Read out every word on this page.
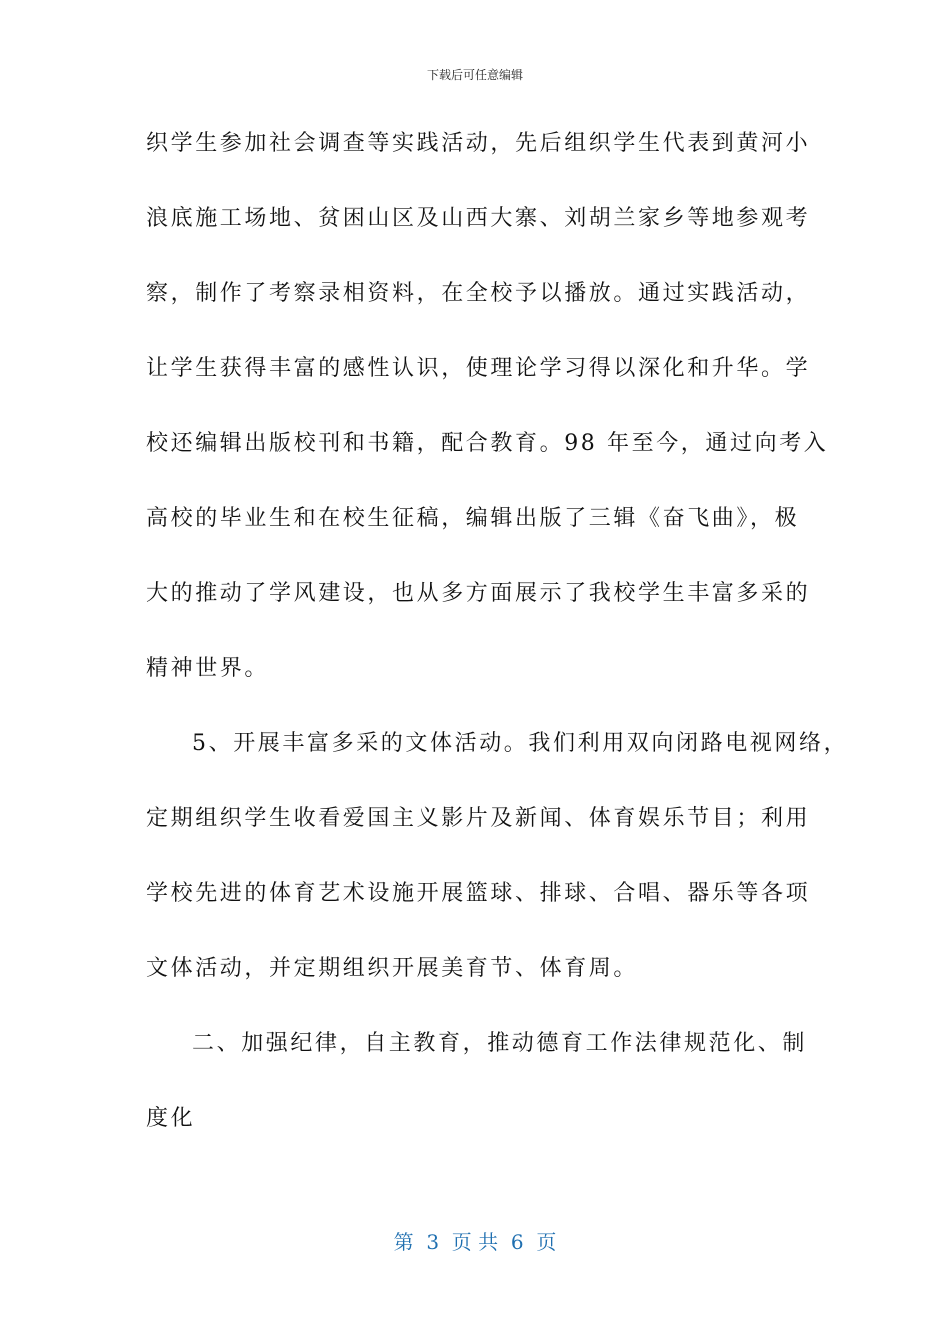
下载后可任意编辑
织学生参加社会调查等实践活动，先后组织学生代表到黄河小
浪底施工场地、贫困山区及山西大寨、刘胡兰家乡等地参观考
察，制作了考察录相资料，在全校予以播放。通过实践活动，
让学生获得丰富的感性认识，使理论学习得以深化和升华。学
校还编辑出版校刊和书籍，配合教育。98 年至今，通过向考入
高校的毕业生和在校生征稿，编辑出版了三辑《奋飞曲》，极
大的推动了学风建设，也从多方面展示了我校学生丰富多采的
精神世界。
5、开展丰富多采的文体活动。我们利用双向闭路电视网络，
定期组织学生收看爱国主义影片及新闻、体育娱乐节目；利用
学校先进的体育艺术设施开展篮球、排球、合唱、器乐等各项
文体活动，并定期组织开展美育节、体育周。
二、加强纪律，自主教育，推动德育工作法律规范化、制
度化
第  3  页 共  6  页
